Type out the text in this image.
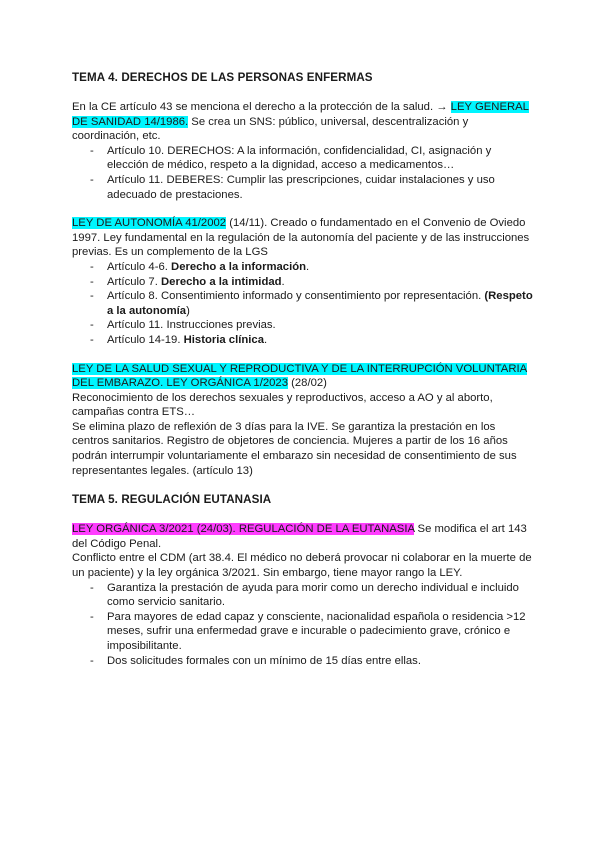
TEMA 4. DERECHOS DE LAS PERSONAS ENFERMAS

En la CE artículo 43 se menciona el derecho a la protección de la salud. → LEY GENERAL DE SANIDAD 14/1986. Se crea un SNS: público, universal, descentralización y coordinación, etc.

- Artículo 10. DERECHOS: A la información, confidencialidad, CI, asignación y elección de médico, respeto a la dignidad, acceso a medicamentos…
- Artículo 11. DEBERES: Cumplir las prescripciones, cuidar instalaciones y uso adecuado de prestaciones.

LEY DE AUTONOMÍA 41/2002 (14/11). Creado o fundamentado en el Convenio de Oviedo 1997. Ley fundamental en la regulación de la autonomía del paciente y de las instrucciones previas. Es un complemento de la LGS

- Artículo 4-6. Derecho a la información.
- Artículo 7. Derecho a la intimidad.
- Artículo 8. Consentimiento informado y consentimiento por representación. (Respeto a la autonomía)
- Artículo 11. Instrucciones previas.
- Artículo 14-19. Historia clínica.

LEY DE LA SALUD SEXUAL Y REPRODUCTIVA Y DE LA INTERRUPCIÓN VOLUNTARIA DEL EMBARAZO. LEY ORGÁNICA 1/2023 (28/02)

Reconocimiento de los derechos sexuales y reproductivos, acceso a AO y al aborto, campañas contra ETS…

Se elimina plazo de reflexión de 3 días para la IVE. Se garantiza la prestación en los centros sanitarios. Registro de objetores de conciencia. Mujeres a partir de los 16 años podrán interrumpir voluntariamente el embarazo sin necesidad de consentimiento de sus representantes legales. (artículo 13)

TEMA 5. REGULACIÓN EUTANASIA

LEY ORGÁNICA 3/2021 (24/03). REGULACIÓN DE LA EUTANASIA Se modifica el art 143 del Código Penal.

Conflicto entre el CDM (art 38.4. El médico no deberá provocar ni colaborar en la muerte de un paciente) y la ley orgánica 3/2021. Sin embargo, tiene mayor rango la LEY.

- Garantiza la prestación de ayuda para morir como un derecho individual e incluido como servicio sanitario.
- Para mayores de edad capaz y consciente, nacionalidad española o residencia >12 meses, sufrir una enfermedad grave e incurable o padecimiento grave, crónico e imposibilitante.
- Dos solicitudes formales con un mínimo de 15 días entre ellas.
